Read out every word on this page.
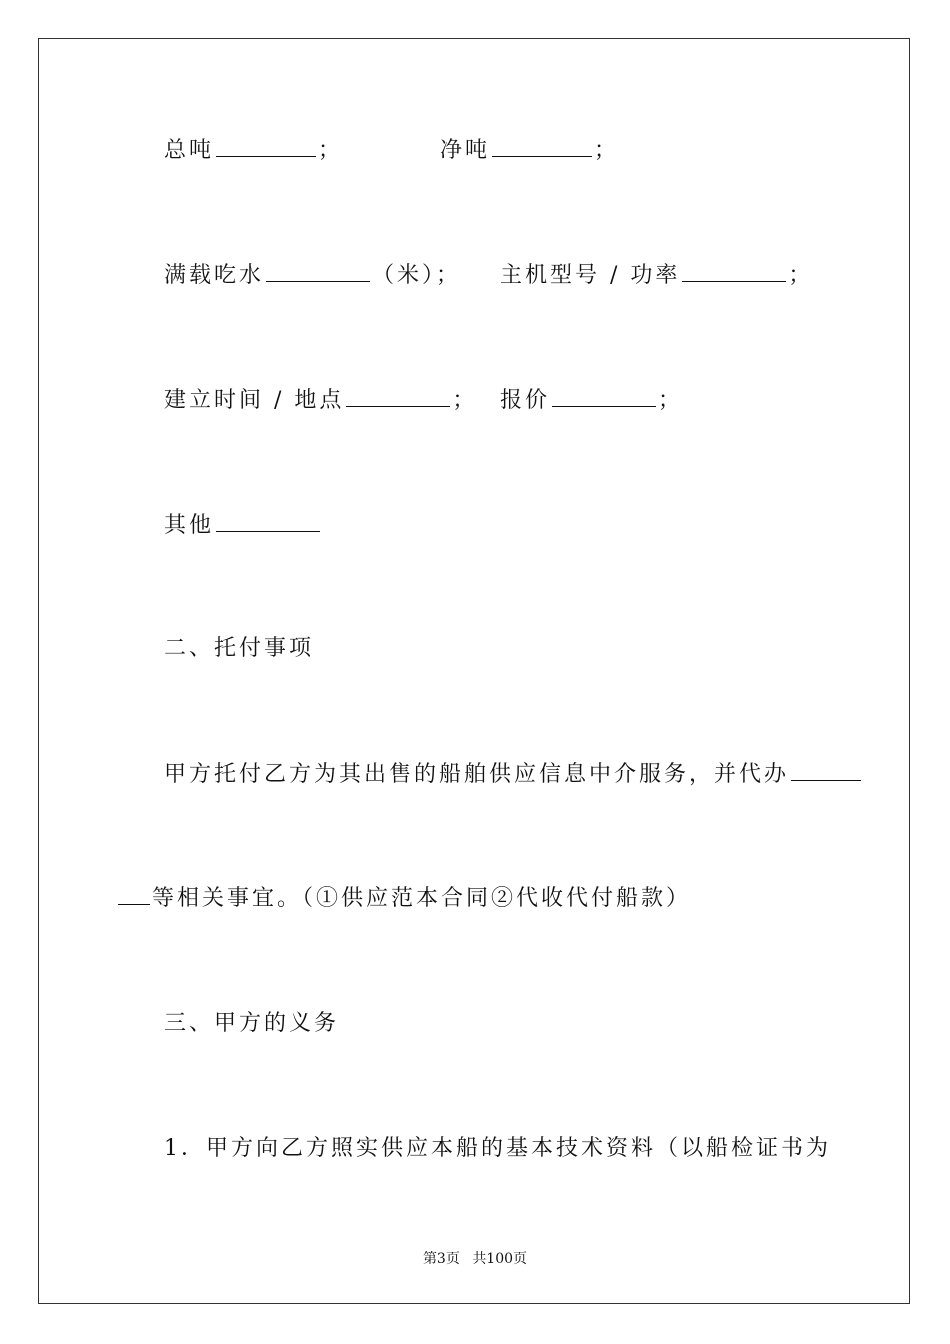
总吨	；	净吨	；
满载吃水	（米）； 主机型号 / 功率	；
建立时间 / 地点	； 报价	；
其他
二、托付事项
甲方托付乙方为其出售的船舶供应信息中介服务，并代办
等相关事宜。（①供应范本合同②代收代付船款）
三、甲方的义务
1．甲方向乙方照实供应本船的基本技术资料（以船检证书为
第3页 共100页
